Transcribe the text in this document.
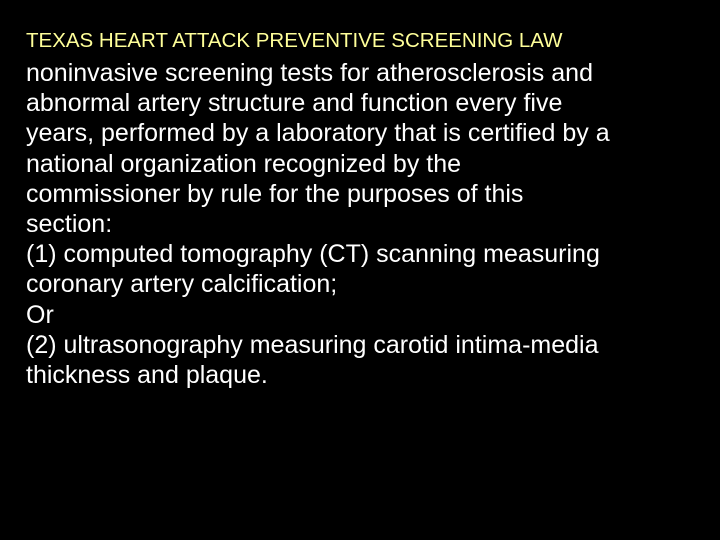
TEXAS HEART ATTACK PREVENTIVE SCREENING LAW
noninvasive screening tests for atherosclerosis and
abnormal artery structure and function every five
years, performed by a laboratory that is certified by a
national organization recognized by the
commissioner by rule for the purposes of this
section:
(1) computed tomography (CT) scanning measuring
coronary artery calcification;
Or
(2) ultrasonography measuring carotid intima-media
thickness and plaque.
